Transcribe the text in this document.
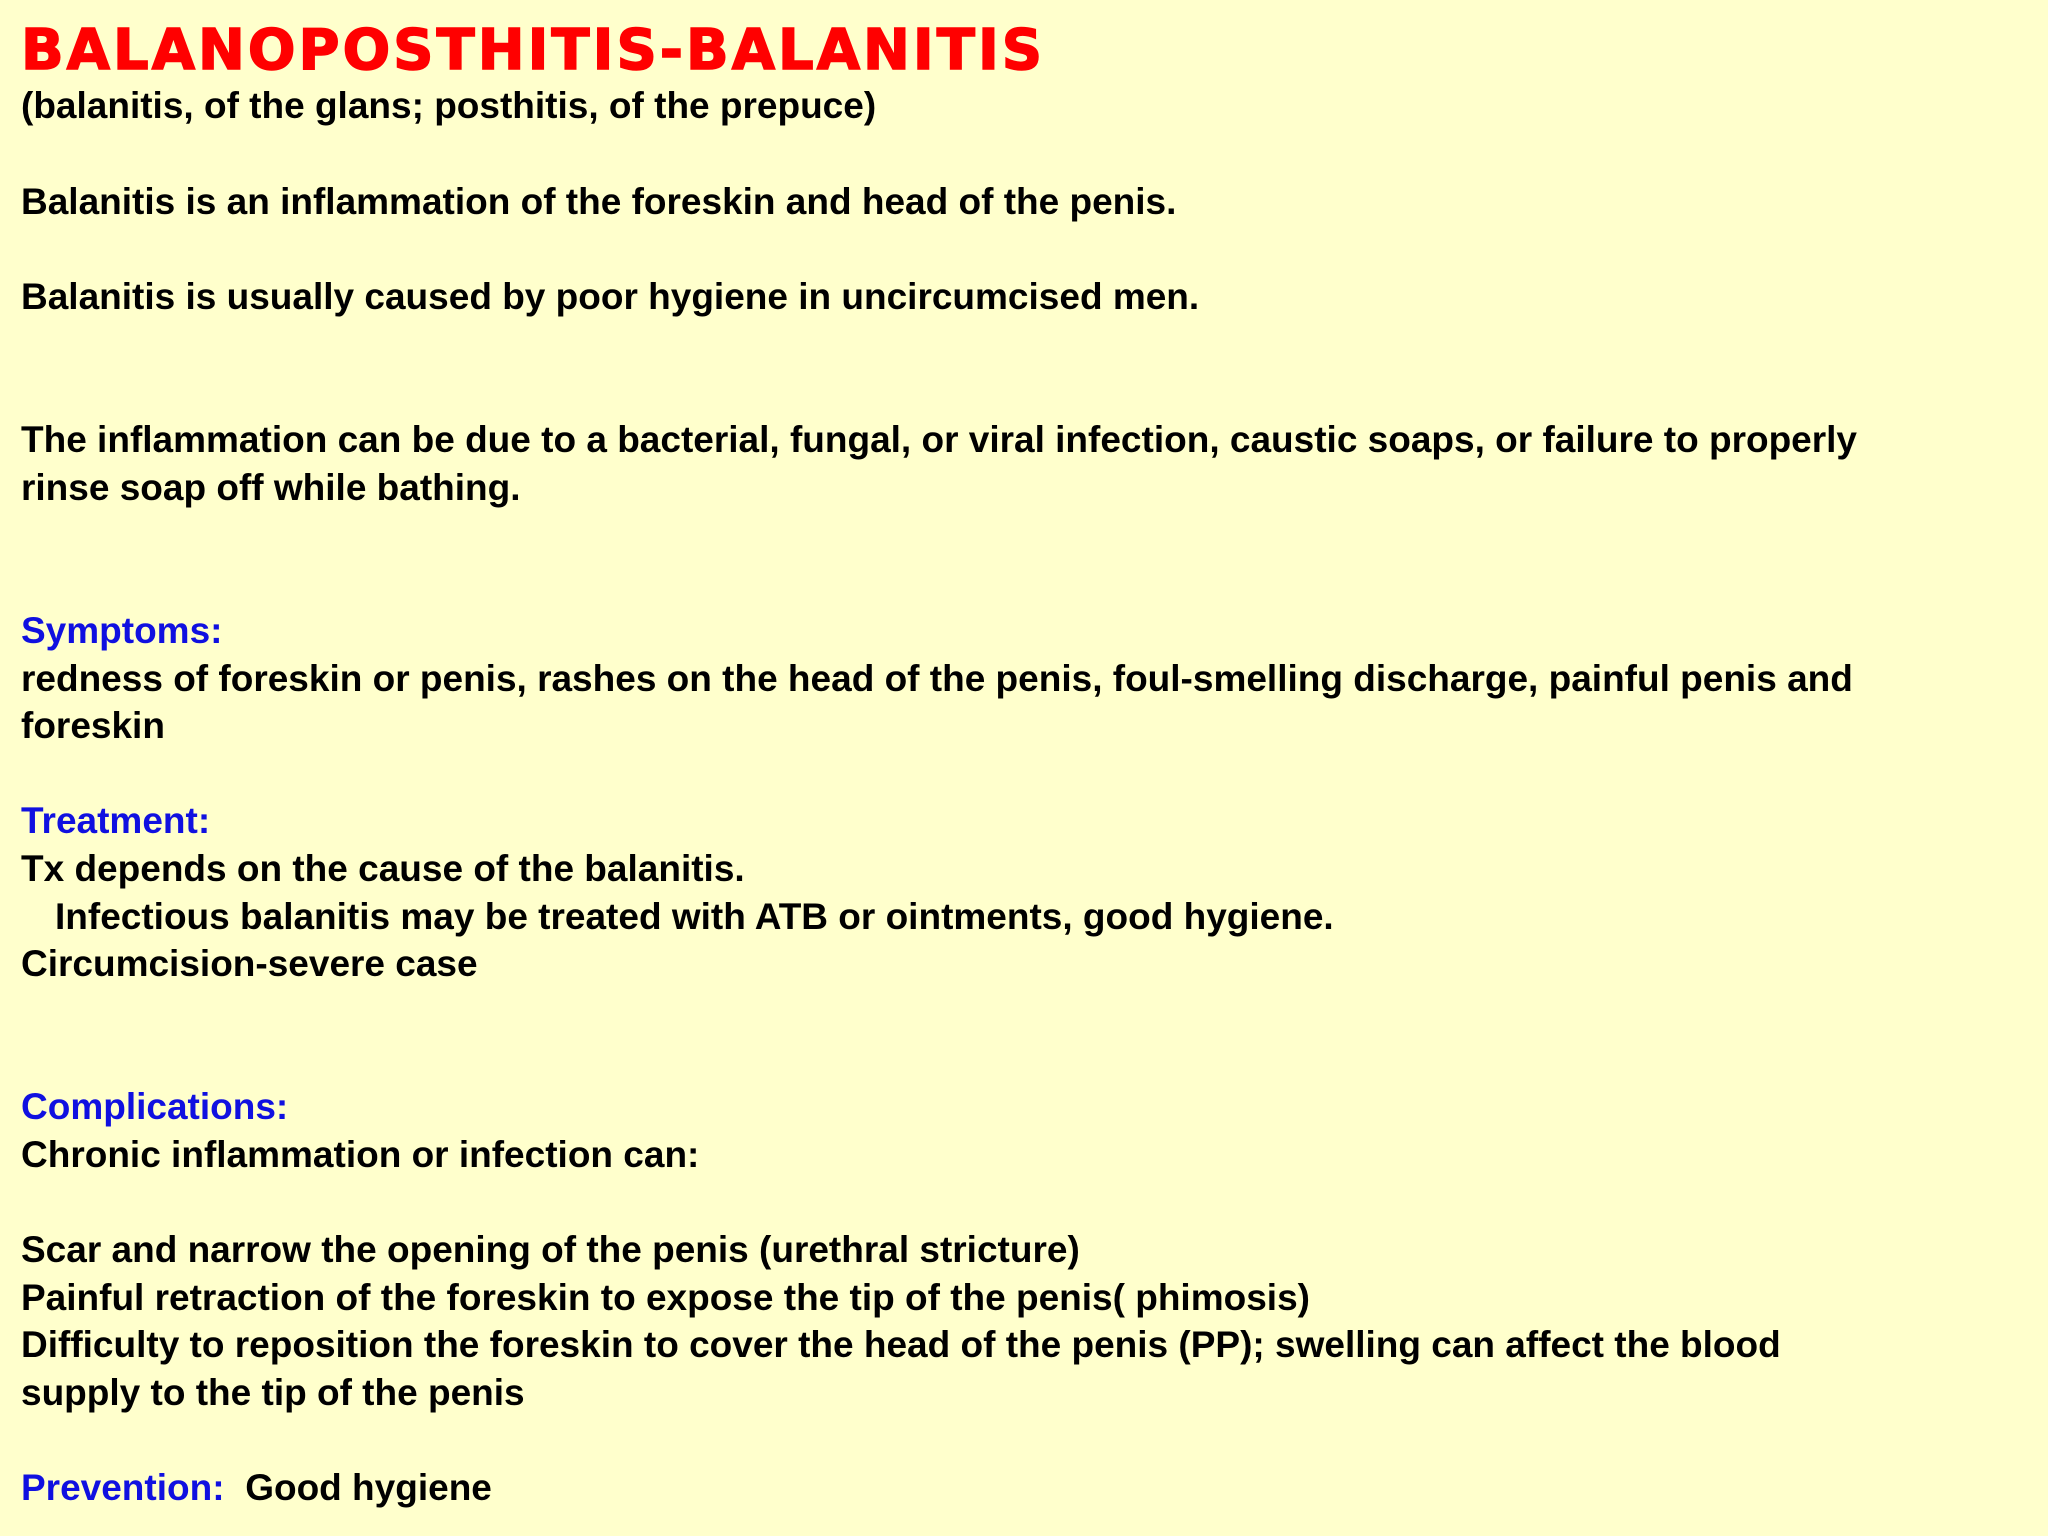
BALANOPOSTHITIS-BALANITIS
(balanitis, of the glans; posthitis, of the prepuce)
Balanitis is an inflammation of the foreskin and head of the penis.
Balanitis is usually caused by poor hygiene in uncircumcised men.
The inflammation can be due to a bacterial, fungal, or viral infection, caustic soaps, or failure to properly
rinse soap off while bathing.
Symptoms:
redness of foreskin or penis, rashes on the head of the penis, foul-smelling discharge, painful penis and
foreskin
Treatment:
Tx depends on the cause of the balanitis.
Infectious balanitis may be treated with ATB or ointments, good hygiene.
Circumcision-severe case
Complications:
Chronic inflammation or infection can:
Scar and narrow the opening of the penis (urethral stricture)
Painful retraction of the foreskin to expose the tip of the penis( phimosis)
Difficulty to reposition the foreskin to cover the head of the penis (PP); swelling can affect the blood
supply to the tip of the penis
Prevention: Good hygiene
